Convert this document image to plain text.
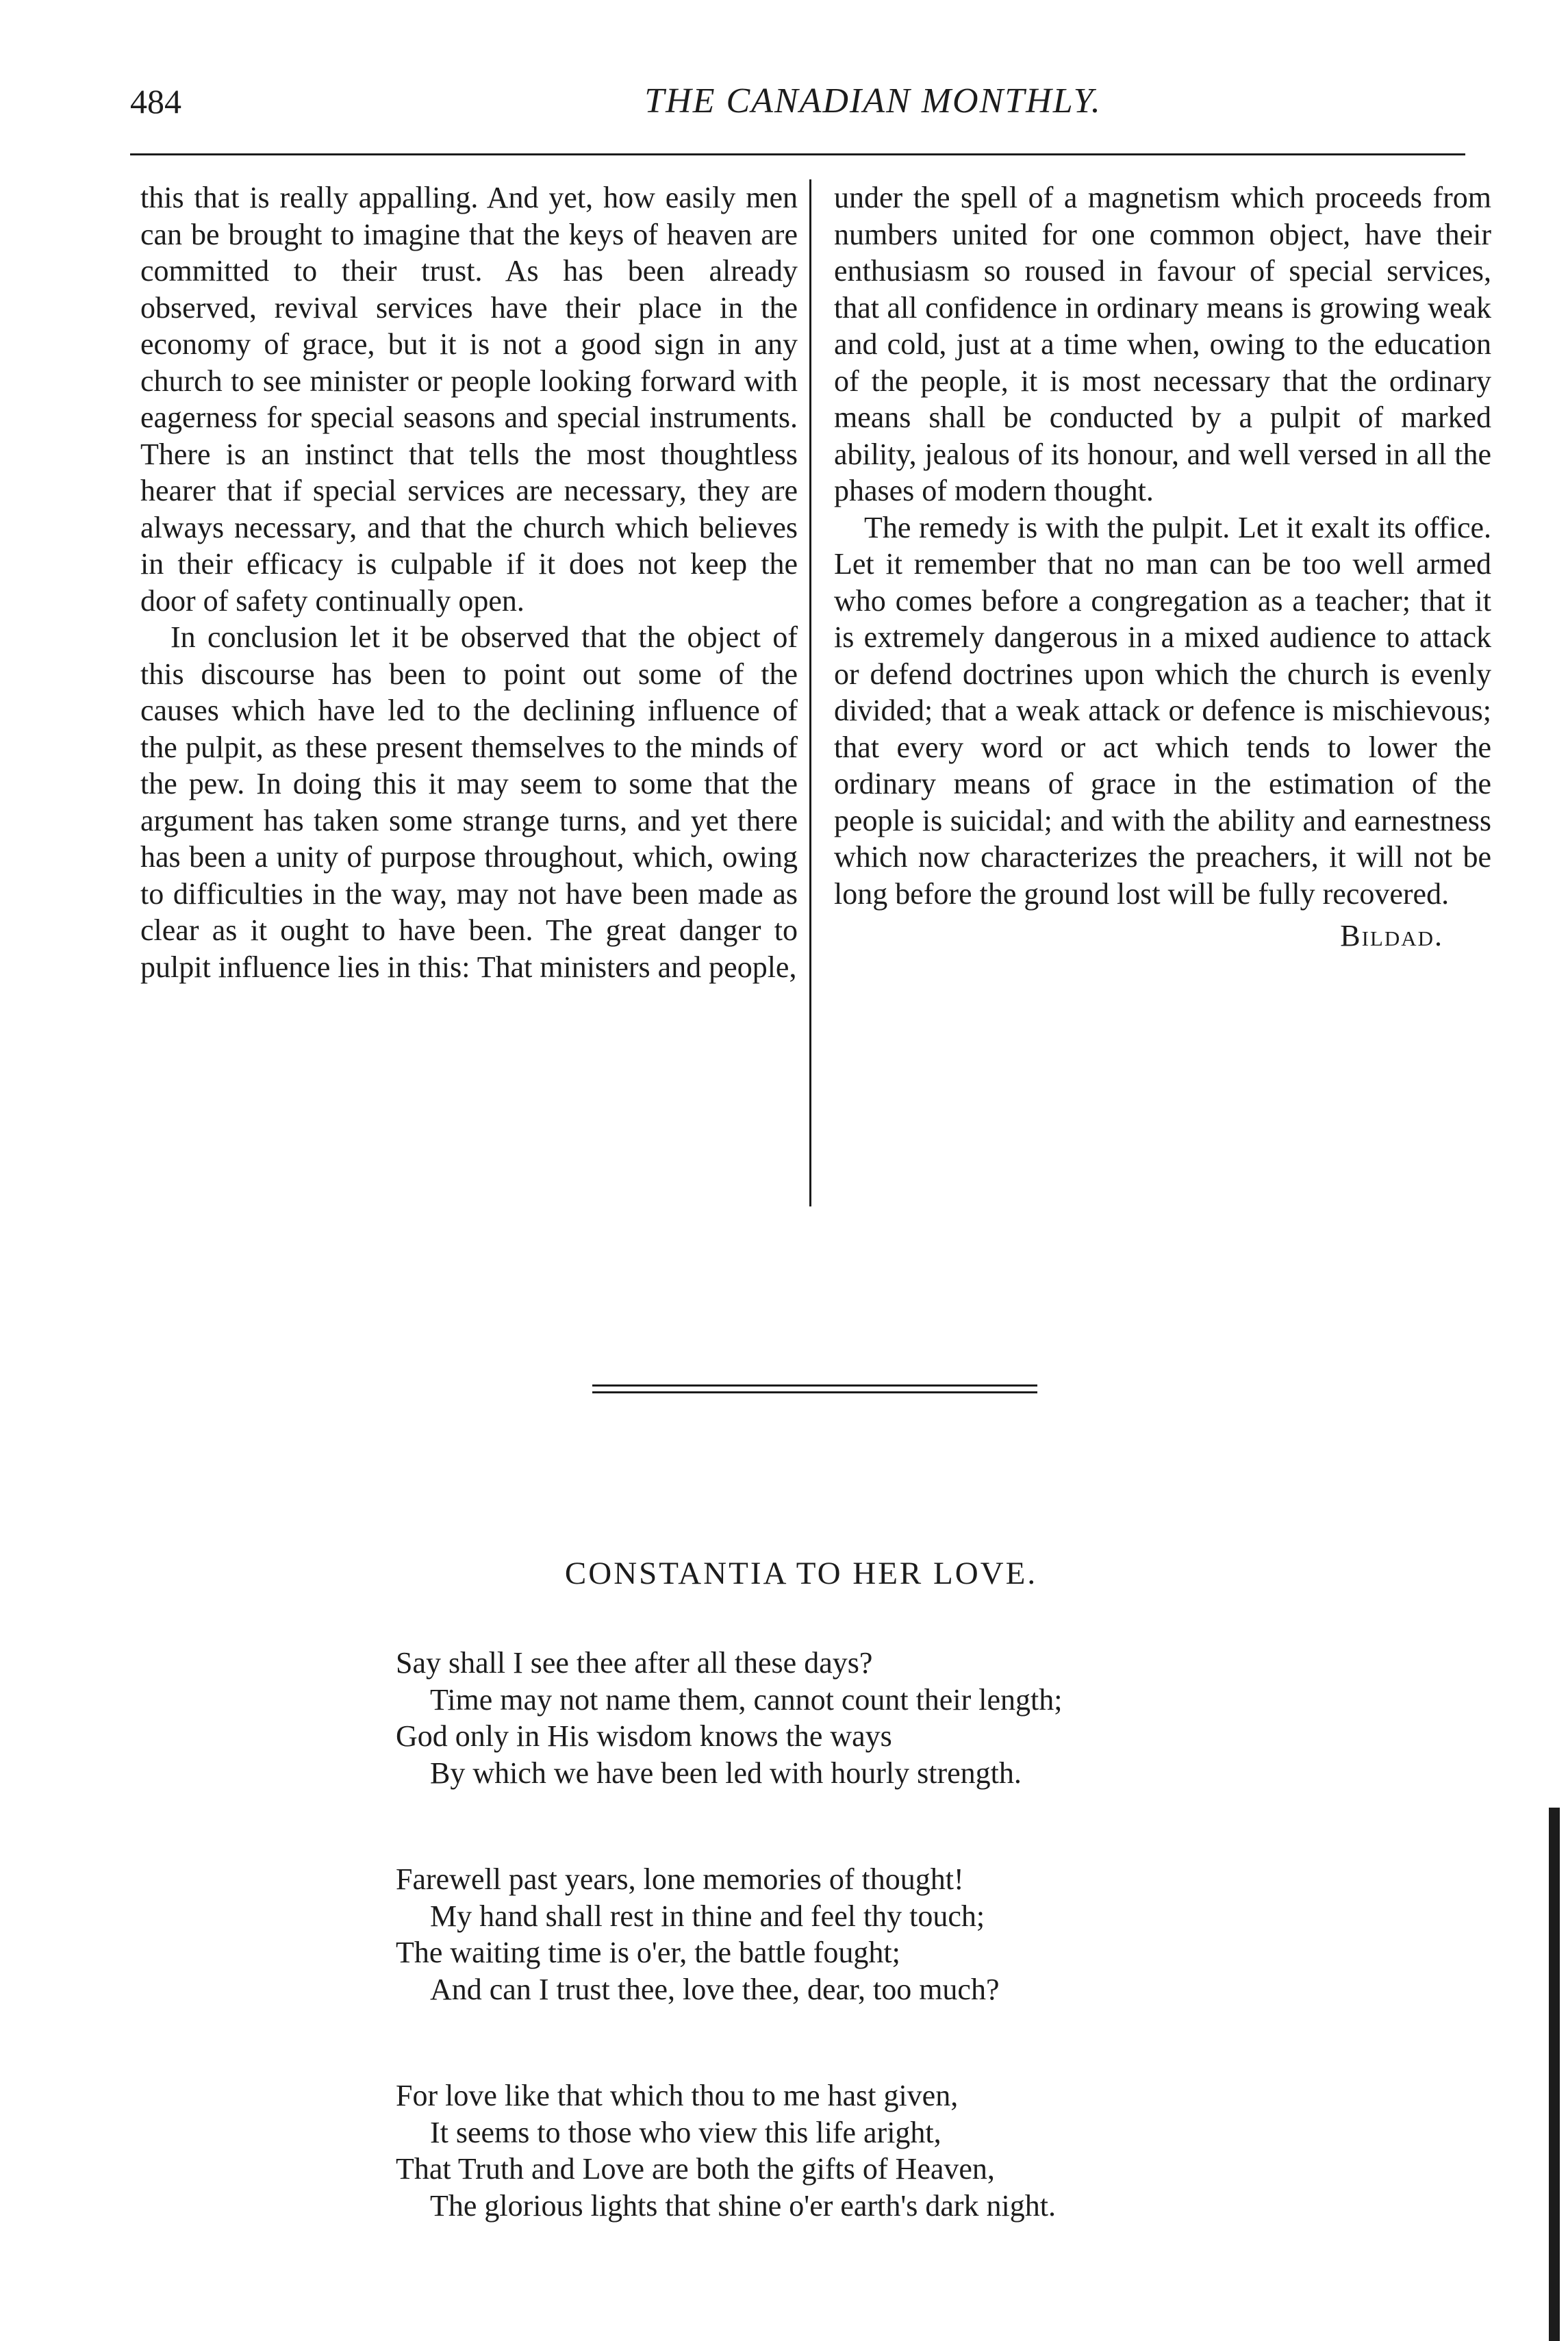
484	THE CANADIAN MONTHLY.

this that is really appalling. And yet, how easily men can be brought to imagine that the keys of heaven are committed to their trust. As has been already observed, revival services have their place in the economy of grace, but it is not a good sign in any church to see minister or people looking forward with eagerness for special seasons and special instruments. There is an instinct that tells the most thoughtless hearer that if special services are necessary, they are always necessary, and that the church which believes in their efficacy is culpable if it does not keep the door of safety continually open.

In conclusion let it be observed that the object of this discourse has been to point out some of the causes which have led to the declining influence of the pulpit, as these present themselves to the minds of the pew. In doing this it may seem to some that the argument has taken some strange turns, and yet there has been a unity of purpose throughout, which, owing to difficulties in the way, may not have been made as clear as it ought to have been. The great danger to pulpit influence lies in this: That ministers and people,

under the spell of a magnetism which proceeds from numbers united for one common object, have their enthusiasm so roused in favour of special services, that all confidence in ordinary means is growing weak and cold, just at a time when, owing to the education of the people, it is most necessary that the ordinary means shall be conducted by a pulpit of marked ability, jealous of its honour, and well versed in all the phases of modern thought.

The remedy is with the pulpit. Let it exalt its office. Let it remember that no man can be too well armed who comes before a congregation as a teacher; that it is extremely dangerous in a mixed audience to attack or defend doctrines upon which the church is evenly divided; that a weak attack or defence is mischievous; that every word or act which tends to lower the ordinary means of grace in the estimation of the people is suicidal; and with the ability and earnestness which now characterizes the preachers, it will not be long before the ground lost will be fully recovered.

Bildad.

CONSTANTIA TO HER LOVE.
Say shall I see thee after all these days?
Time may not name them, cannot count their length;
God only in His wisdom knows the ways
By which we have been led with hourly strength.
Farewell past years, lone memories of thought!
My hand shall rest in thine and feel thy touch;
The waiting time is o'er, the battle fought;
And can I trust thee, love thee, dear, too much?
For love like that which thou to me hast given,
It seems to those who view this life aright,
That Truth and Love are both the gifts of Heaven,
The glorious lights that shine o'er earth's dark night.
